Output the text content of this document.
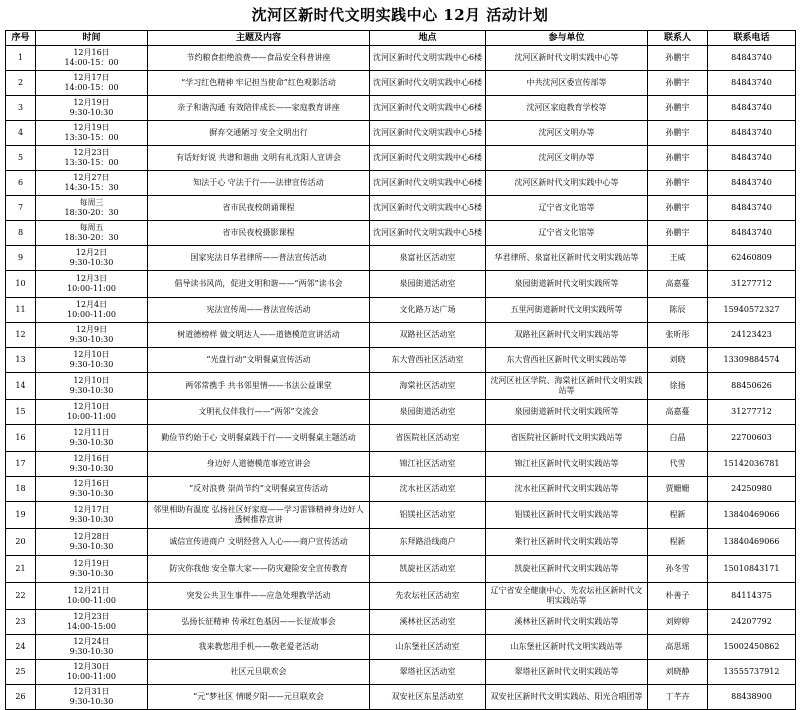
沈河区新时代文明实践中心 12月 活动计划
序号	时间	主题及内容	地点	参与单位	联系人	联系电话
1	12月16日
14:00-15：00	节约粮食拒绝浪费——食品安全科普讲座	沈河区新时代文明实践中心6楼	沈河区新时代文明实践中心等	孙鹏宇	84843740
2	12月17日
14:00-15：00	“学习红色精神 牢记担当使命”红色观影活动	沈河区新时代文明实践中心6楼	中共沈河区委宣传部等	孙鹏宇	84843740
3	12月19日
9:30-10:30	亲子和谐沟通 有效陪伴成长——家庭教育讲座	沈河区新时代文明实践中心6楼	沈河区家庭教育学校等	孙鹏宇	84843740
4	12月19日
13:30-15：00	摒弃交通陋习 安全文明出行	沈河区新时代文明实践中心5楼	沈河区文明办等	孙鹏宇	84843740
5	12月23日
13:30-15：00	有话好好说 共谱和谐曲 文明有礼沈阳人宣讲会	沈河区新时代文明实践中心6楼	沈河区文明办等	孙鹏宇	84843740
6	12月27日
14:30-15：30	知法于心 守法于行——法律宣传活动	沈河区新时代文明实践中心6楼	沈河区新时代文明实践中心等	孙鹏宇	84843740
7	每周三
18:30-20：30	省市民夜校朗诵课程	沈河区新时代文明实践中心5楼	辽宁省文化馆等	孙鹏宇	84843740
8	每周五
18:30-20：30	省市民夜校摄影课程	沈河区新时代文明实践中心5楼	辽宁省文化馆等	孙鹏宇	84843740
9	12月2日
9:30-10:30	国家宪法日华君律所——普法宣传活动	泉富社区活动室	华君律所、泉富社区新时代文明实践站等	王威	62460809
10	12月3日
10:00-11:00	倡导读书风尚，促进文明和谐——“两邻”读书会	泉园街道活动室	泉园街道新时代文明实践所等	高嘉蔓	31277712
11	12月4日
10:00-11:00	宪法宣传周——普法宣传活动	文化路万达广场	五里河街道新时代文明实践所等	陈辰	15940572327
12	12月9日
9:30-10:30	树道德榜样 做文明达人——道德模范宣讲活动	双路社区活动室	双路社区新时代文明实践站等	张昕彤	24123423
13	12月10日
9:30-10:30	“光盘行动”文明餐桌宣传活动	东大营西社区活动室	东大营西社区新时代文明实践站等	刘晓	13309884574
14	12月10日
9:30-10:30	两邻常携手 共书邻里情——书法公益课堂	海棠社区活动室	沈河区社区学院、海棠社区新时代文明实践站等	徐扬	88450626
15	12月10日
10:00-11:00	文明礼仪伴我行——“两邻”交流会	泉园街道活动室	泉园街道新时代文明实践所等	高嘉蔓	31277712
16	12月11日
9:30-10:30	勤俭节约始于心 文明餐桌践于行——文明餐桌主题活动	省医院社区活动室	省医院社区新时代文明实践站等	白晶	22700603
17	12月16日
9:30-10:30	身边好人道德模范事迹宣讲会	锦江社区活动室	锦江社区新时代文明实践站等	代雪	15142036781
18	12月16日
9:30-10:30	”反对浪费 崇尚节约”文明餐桌宣传活动	沈水社区活动室	沈水社区新时代文明实践站等	贾姗姗	24250980
19	12月17日
9:30-10:30	邻里相助有温度 弘扬社区好家庭——学习雷锋精神身边好人透树推荐宣讲	铝镁社区活动室	铝镁社区新时代文明实践站等	程新	13840469066
20	12月28日
9:30-10:30	诚信宣传进商户 文明经营入人心——商户宣传活动	东拜路沿线商户	莱行社区新时代文明实践站等	程新	13840469066
21	12月19日
9:30-10:30	防灾你我他 安全靠大家——防灾避险安全宣传教育	凯旋社区活动室	凯旋社区新时代文明实践站等	孙冬雪	15010843171
22	12月21日
10:00-11:00	突发公共卫生事件——应急处理教学活动	先农坛社区活动室	辽宁省安全健康中心、先农坛社区新时代文明实践站等	朴善子	84114375
23	12月23日
14:00-15:00	弘扬长征精神 传承红色基因——长征故事会	溪林社区活动室	溪林社区新时代文明实践站等	刘婷婷	24207792
24	12月24日
9:30-10:30	我来教您用手机——敬老爱老活动	山东堡社区活动室	山东堡社区新时代文明实践站等	高思瑶	15002450862
25	12月30日
10:00-11:00	社区元旦联欢会	翠塔社区活动室	翠塔社区新时代文明实践站等	刘晓静	13555737912
26	12月31日
9:30-10:30	“元”梦社区 情暖夕阳——元旦联欢会	双安社区东星活动室	双安社区新时代文明实践站、阳光合唱团等	丁芊卉	88438900
